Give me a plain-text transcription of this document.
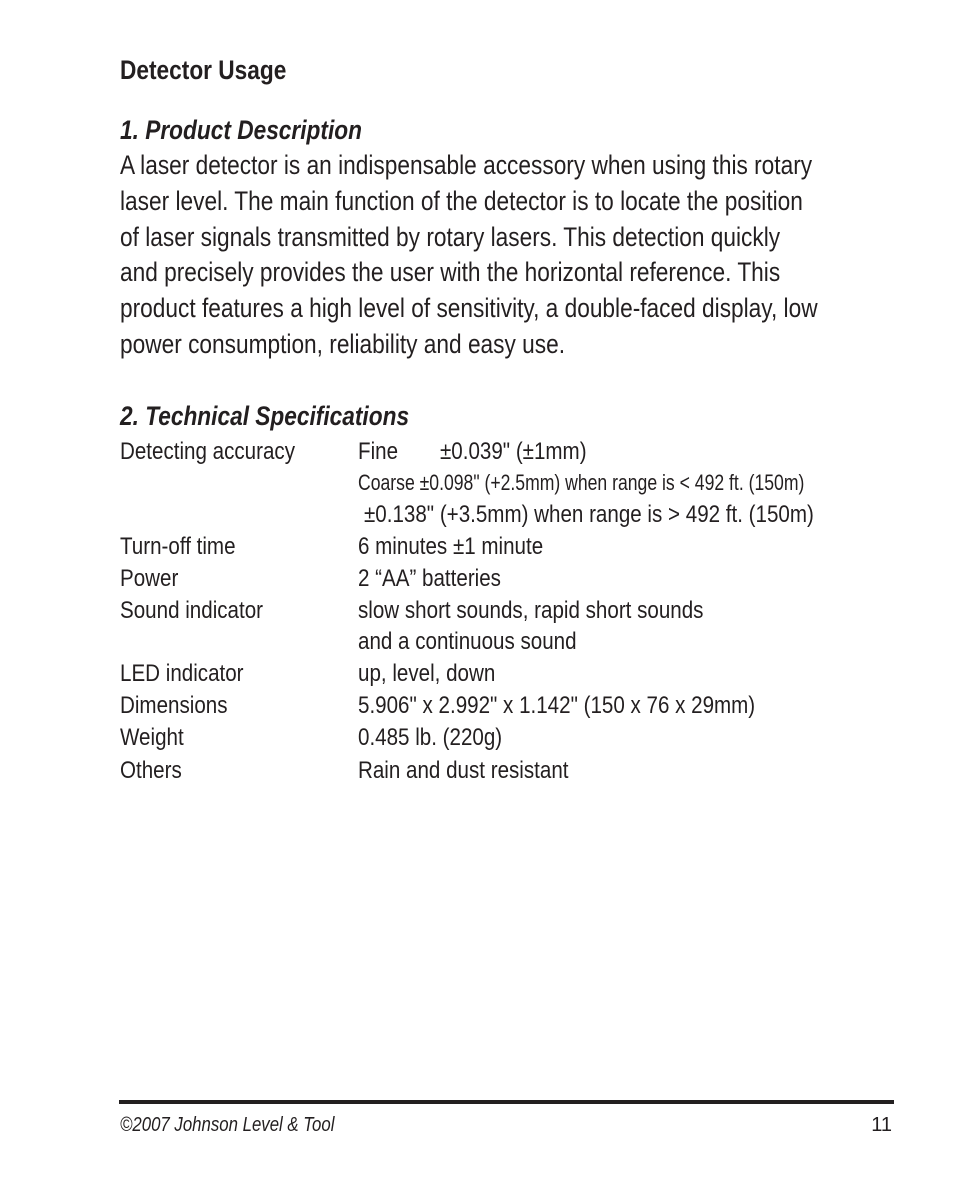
Detector Usage
1. Product Description
A laser detector is an indispensable accessory when using this rotary
laser level. The main function of the detector is to locate the position
of laser signals transmitted by rotary lasers. This detection quickly
and precisely provides the user with the horizontal reference. This
product features a high level of sensitivity, a double-faced display, low
power consumption, reliability and easy use.
2. Technical Specifications
Detecting accuracy	Fine ±0.039" (±1mm)
Coarse ±0.098" (+2.5mm) when range is < 492 ft. (150m)
±0.138" (+3.5mm) when range is > 492 ft. (150m)
Turn-off time	6 minutes ±1 minute
Power	2 “AA” batteries
Sound indicator	slow short sounds, rapid short sounds
and a continuous sound
LED indicator	up, level, down
Dimensions	5.906" x 2.992" x 1.142" (150 x 76 x 29mm)
Weight	0.485 lb. (220g)
Others	Rain and dust resistant
©2007 Johnson Level & Tool	11
